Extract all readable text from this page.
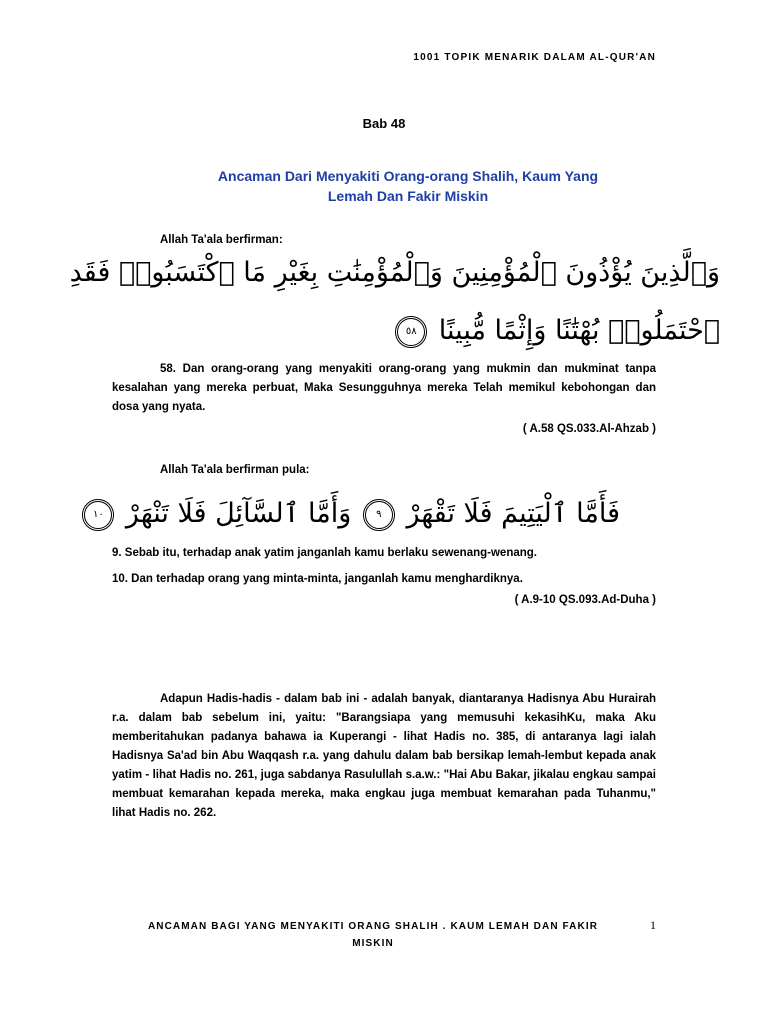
1001 TOPIK MENARIK DALAM AL-QUR'AN
Bab 48
Ancaman Dari Menyakiti Orang-orang Shalih, Kaum Yang
Lemah Dan Fakir Miskin
Allah Ta'ala berfirman:
وَٱلَّذِينَ يُؤْذُونَ ٱلْمُؤْمِنِينَ وَٱلْمُؤْمِنَٰتِ بِغَيْرِ مَا ٱكْتَسَبُوا۟ فَقَدِ
ٱحْتَمَلُوا۟ بُهْتَٰنًا وَإِثْمًا مُّبِينًا ٥٨
58. Dan orang-orang yang menyakiti orang-orang yang mukmin dan mukminat tanpa kesalahan yang mereka perbuat, Maka Sesungguhnya mereka Telah memikul kebohongan dan dosa yang nyata.
( A.58 QS.033.Al-Ahzab )
Allah Ta'ala berfirman pula:
فَأَمَّا ٱلْيَتِيمَ فَلَا تَقْهَرْ ٩ وَأَمَّا ٱلسَّآئِلَ فَلَا تَنْهَرْ ١٠
9. Sebab itu, terhadap anak yatim janganlah kamu berlaku sewenang-wenang.
10. Dan terhadap orang yang minta-minta, janganlah kamu menghardiknya.
( A.9-10 QS.093.Ad-Duha )
Adapun Hadis-hadis - dalam bab ini - adalah banyak, diantaranya Hadisnya Abu Hurairah r.a. dalam bab sebelum ini, yaitu: "Barangsiapa yang memusuhi kekasihKu, maka Aku memberitahukan padanya bahawa ia Kuperangi - lihat Hadis no. 385, di antaranya lagi ialah Hadisnya Sa'ad bin Abu Waqqash r.a. yang dahulu dalam bab bersikap lemah-lembut kepada anak yatim - lihat Hadis no. 261, juga sabdanya Rasulullah s.a.w.: "Hai Abu Bakar, jikalau engkau sampai membuat kemarahan kepada mereka, maka engkau juga membuat kemarahan pada Tuhanmu," lihat Hadis no. 262.
ANCAMAN BAGI YANG MENYAKITI ORANG SHALIH . KAUM LEMAH DAN FAKIR
MISKIN
1
